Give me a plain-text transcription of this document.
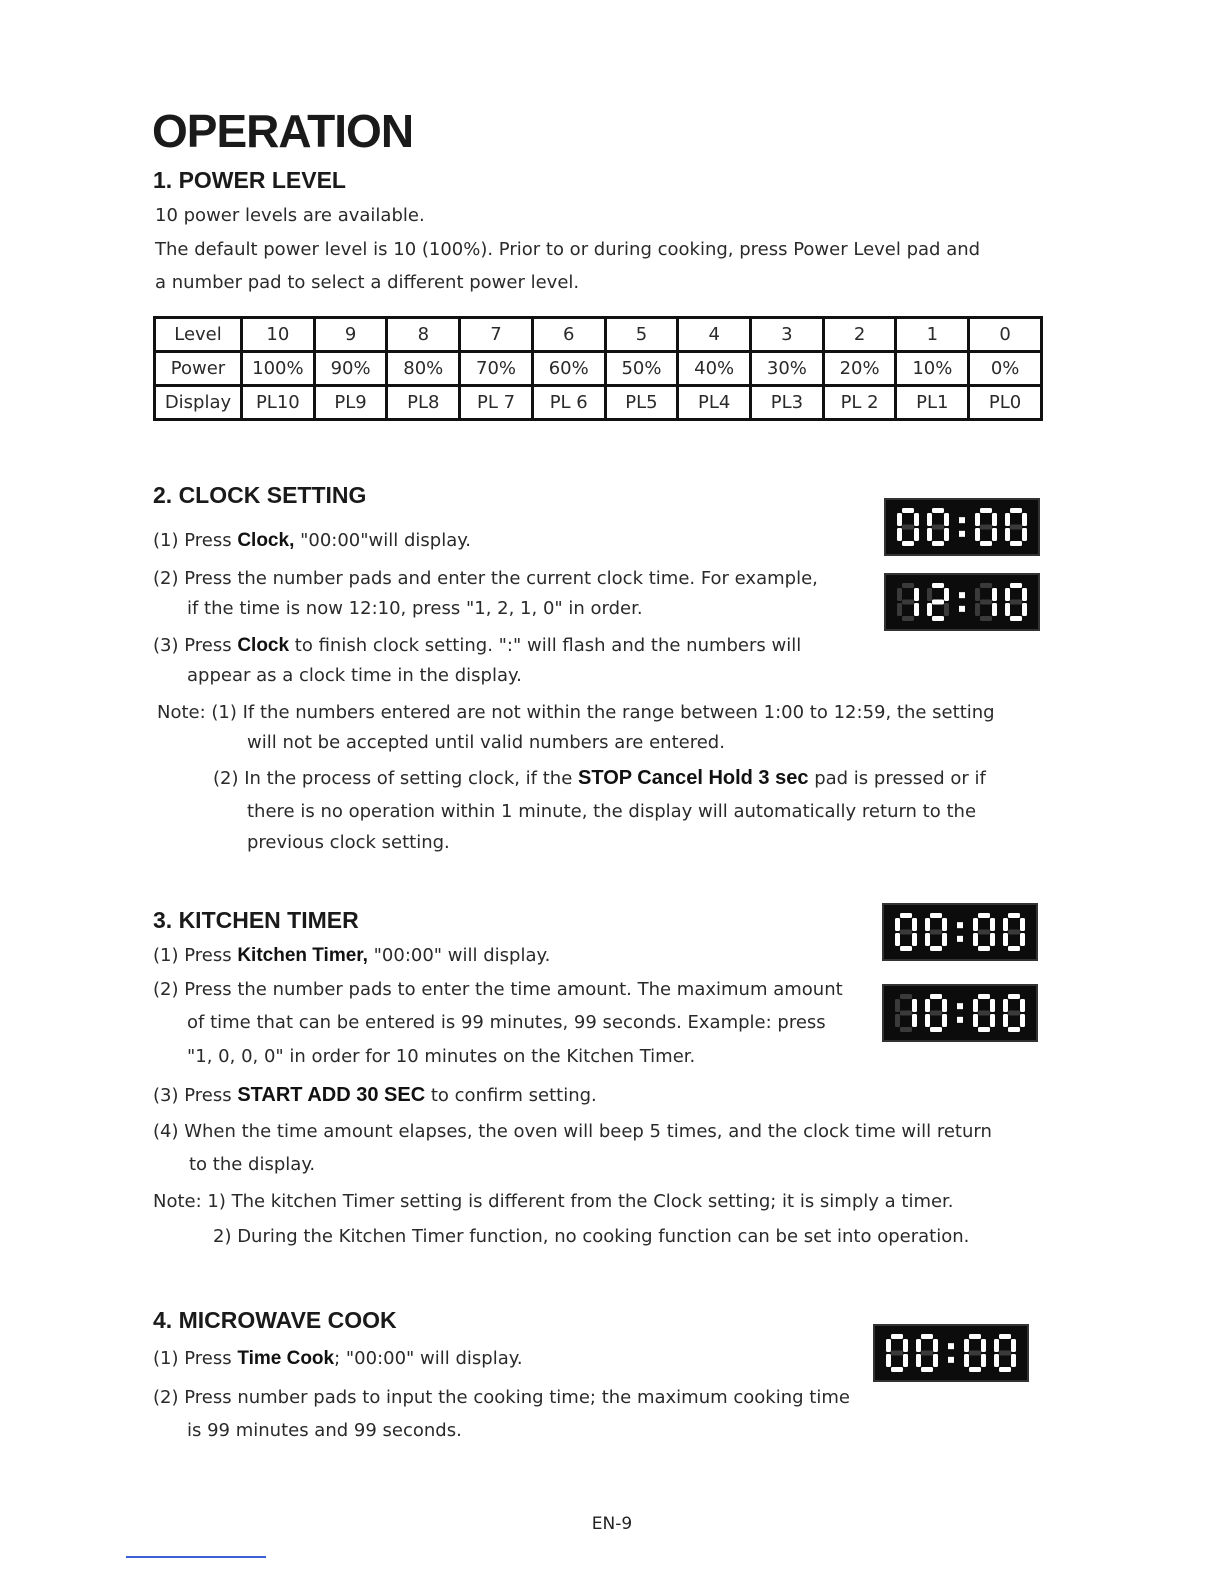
OPERATION
1. POWER LEVEL

10 power levels are available.

The default power level is 10 (100%). Prior to or during cooking, press Power Level pad and

a number pad to select a different power level.

Level	10	9	8	7	6	5	4	3	2	1	0
Power	100%	90%	80%	70%	60%	50%	40%	30%	20%	10%	0%
Display	PL10	PL9	PL8	PL 7	PL 6	PL5	PL4	PL3	PL 2	PL1	PL0
2. CLOCK SETTING

(1) Press Clock, "00:00"will display.

(2) Press the number pads and enter the current clock time. For example,

if the time is now 12:10, press "1, 2, 1, 0" in order.

(3) Press Clock to finish clock setting. ":" will flash and the numbers will

appear as a clock time in the display.

Note: (1) If the numbers entered are not within the range between 1:00 to 12:59, the setting

will not be accepted until valid numbers are entered.

(2) In the process of setting clock, if the STOP Cancel Hold 3 sec pad is pressed or if

there is no operation within 1 minute, the display will automatically return to the

previous clock setting.

3. KITCHEN TIMER

(1) Press Kitchen Timer, "00:00" will display.

(2) Press the number pads to enter the time amount. The maximum amount

of time that can be entered is 99 minutes, 99 seconds. Example: press

"1, 0, 0, 0" in order for 10 minutes on the Kitchen Timer.

(3) Press START ADD 30 SEC to confirm setting.

(4) When the time amount elapses, the oven will beep 5 times, and the clock time will return

to the display.

Note: 1) The kitchen Timer setting is different from the Clock setting; it is simply a timer.

2) During the Kitchen Timer function, no cooking function can be set into operation.

4. MICROWAVE COOK

(1) Press Time Cook; "00:00" will display.

(2) Press number pads to input the cooking time; the maximum cooking time

is 99 minutes and 99 seconds.

EN-9
